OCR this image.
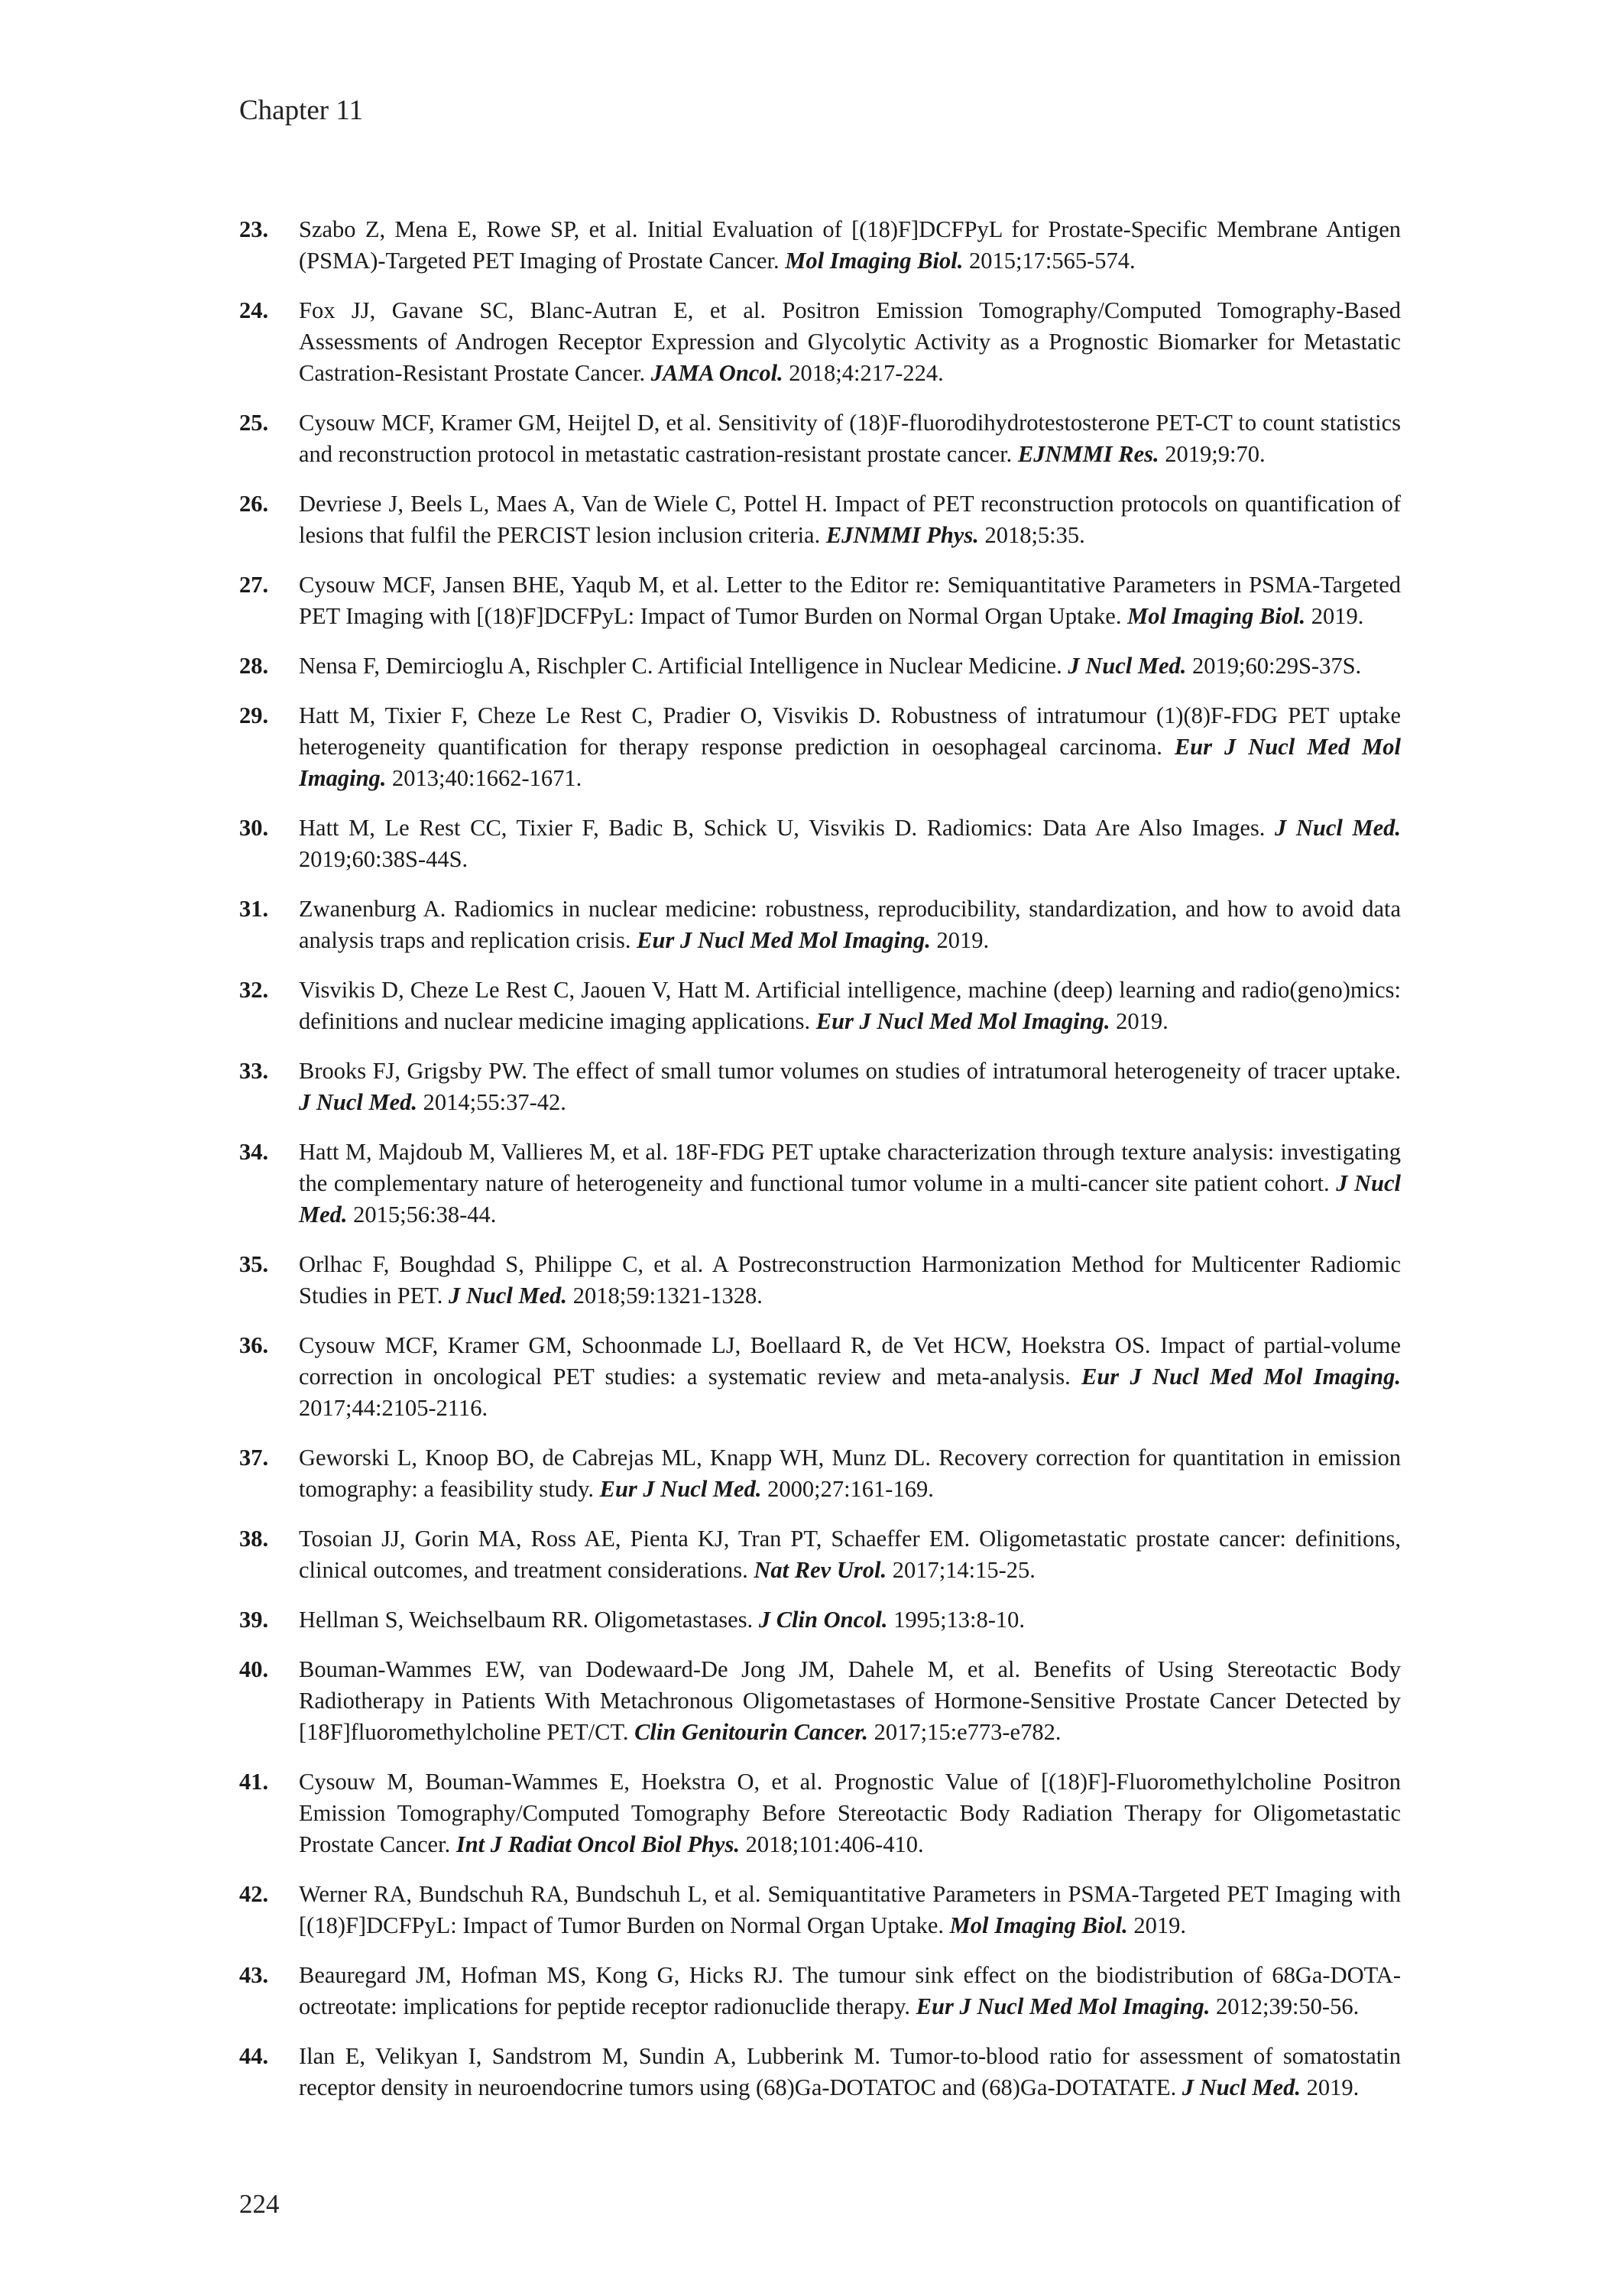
Chapter 11
23.	Szabo Z, Mena E, Rowe SP, et al. Initial Evaluation of [(18)F]DCFPyL for Prostate-Specific Membrane Antigen (PSMA)-Targeted PET Imaging of Prostate Cancer. Mol Imaging Biol. 2015;17:565-574.
24.	Fox JJ, Gavane SC, Blanc-Autran E, et al. Positron Emission Tomography/Computed Tomography-Based Assessments of Androgen Receptor Expression and Glycolytic Activity as a Prognostic Biomarker for Metastatic Castration-Resistant Prostate Cancer. JAMA Oncol. 2018;4:217-224.
25.	Cysouw MCF, Kramer GM, Heijtel D, et al. Sensitivity of (18)F-fluorodihydrotestosterone PET-CT to count statistics and reconstruction protocol in metastatic castration-resistant prostate cancer. EJNMMI Res. 2019;9:70.
26.	Devriese J, Beels L, Maes A, Van de Wiele C, Pottel H. Impact of PET reconstruction protocols on quantification of lesions that fulfil the PERCIST lesion inclusion criteria. EJNMMI Phys. 2018;5:35.
27.	Cysouw MCF, Jansen BHE, Yaqub M, et al. Letter to the Editor re: Semiquantitative Parameters in PSMA-Targeted PET Imaging with [(18)F]DCFPyL: Impact of Tumor Burden on Normal Organ Uptake. Mol Imaging Biol. 2019.
28.	Nensa F, Demircioglu A, Rischpler C. Artificial Intelligence in Nuclear Medicine. J Nucl Med. 2019;60:29S-37S.
29.	Hatt M, Tixier F, Cheze Le Rest C, Pradier O, Visvikis D. Robustness of intratumour (1)(8)F-FDG PET uptake heterogeneity quantification for therapy response prediction in oesophageal carcinoma. Eur J Nucl Med Mol Imaging. 2013;40:1662-1671.
30.	Hatt M, Le Rest CC, Tixier F, Badic B, Schick U, Visvikis D. Radiomics: Data Are Also Images. J Nucl Med. 2019;60:38S-44S.
31.	Zwanenburg A. Radiomics in nuclear medicine: robustness, reproducibility, standardization, and how to avoid data analysis traps and replication crisis. Eur J Nucl Med Mol Imaging. 2019.
32.	Visvikis D, Cheze Le Rest C, Jaouen V, Hatt M. Artificial intelligence, machine (deep) learning and radio(geno)mics: definitions and nuclear medicine imaging applications. Eur J Nucl Med Mol Imaging. 2019.
33.	Brooks FJ, Grigsby PW. The effect of small tumor volumes on studies of intratumoral heterogeneity of tracer uptake. J Nucl Med. 2014;55:37-42.
34.	Hatt M, Majdoub M, Vallieres M, et al. 18F-FDG PET uptake characterization through texture analysis: investigating the complementary nature of heterogeneity and functional tumor volume in a multi-cancer site patient cohort. J Nucl Med. 2015;56:38-44.
35.	Orlhac F, Boughdad S, Philippe C, et al. A Postreconstruction Harmonization Method for Multicenter Radiomic Studies in PET. J Nucl Med. 2018;59:1321-1328.
36.	Cysouw MCF, Kramer GM, Schoonmade LJ, Boellaard R, de Vet HCW, Hoekstra OS. Impact of partial-volume correction in oncological PET studies: a systematic review and meta-analysis. Eur J Nucl Med Mol Imaging. 2017;44:2105-2116.
37.	Geworski L, Knoop BO, de Cabrejas ML, Knapp WH, Munz DL. Recovery correction for quantitation in emission tomography: a feasibility study. Eur J Nucl Med. 2000;27:161-169.
38.	Tosoian JJ, Gorin MA, Ross AE, Pienta KJ, Tran PT, Schaeffer EM. Oligometastatic prostate cancer: definitions, clinical outcomes, and treatment considerations. Nat Rev Urol. 2017;14:15-25.
39.	Hellman S, Weichselbaum RR. Oligometastases. J Clin Oncol. 1995;13:8-10.
40.	Bouman-Wammes EW, van Dodewaard-De Jong JM, Dahele M, et al. Benefits of Using Stereotactic Body Radiotherapy in Patients With Metachronous Oligometastases of Hormone-Sensitive Prostate Cancer Detected by [18F]fluoromethylcholine PET/CT. Clin Genitourin Cancer. 2017;15:e773-e782.
41.	Cysouw M, Bouman-Wammes E, Hoekstra O, et al. Prognostic Value of [(18)F]-Fluoromethylcholine Positron Emission Tomography/Computed Tomography Before Stereotactic Body Radiation Therapy for Oligometastatic Prostate Cancer. Int J Radiat Oncol Biol Phys. 2018;101:406-410.
42.	Werner RA, Bundschuh RA, Bundschuh L, et al. Semiquantitative Parameters in PSMA-Targeted PET Imaging with [(18)F]DCFPyL: Impact of Tumor Burden on Normal Organ Uptake. Mol Imaging Biol. 2019.
43.	Beauregard JM, Hofman MS, Kong G, Hicks RJ. The tumour sink effect on the biodistribution of 68Ga-DOTA-octreotate: implications for peptide receptor radionuclide therapy. Eur J Nucl Med Mol Imaging. 2012;39:50-56.
44.	Ilan E, Velikyan I, Sandstrom M, Sundin A, Lubberink M. Tumor-to-blood ratio for assessment of somatostatin receptor density in neuroendocrine tumors using (68)Ga-DOTATOC and (68)Ga-DOTATATE. J Nucl Med. 2019.
224
